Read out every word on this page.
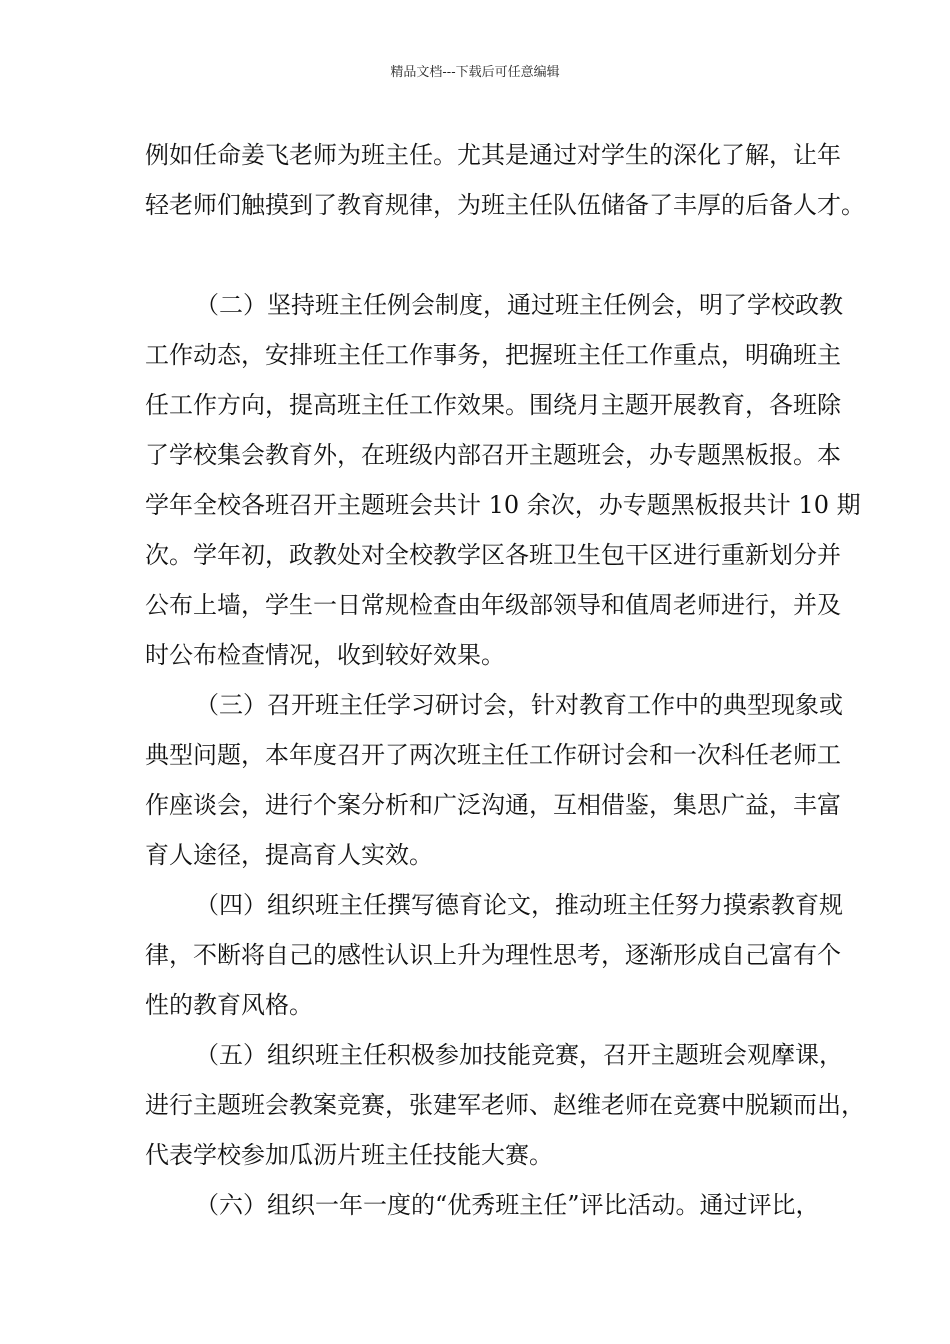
精品文档---下载后可任意编辑
例如任命姜飞老师为班主任。尤其是通过对学生的深化了解，让年
轻老师们触摸到了教育规律，为班主任队伍储备了丰厚的后备人才。
（二）坚持班主任例会制度，通过班主任例会，明了学校政教
工作动态，安排班主任工作事务，把握班主任工作重点，明确班主
任工作方向，提高班主任工作效果。围绕月主题开展教育，各班除
了学校集会教育外，在班级内部召开主题班会，办专题黑板报。本
学年全校各班召开主题班会共计 10 余次，办专题黑板报共计 10 期
次。学年初，政教处对全校教学区各班卫生包干区进行重新划分并
公布上墙，学生一日常规检查由年级部领导和值周老师进行，并及
时公布检查情况，收到较好效果。
（三）召开班主任学习研讨会，针对教育工作中的典型现象或
典型问题，本年度召开了两次班主任工作研讨会和一次科任老师工
作座谈会，进行个案分析和广泛沟通，互相借鉴，集思广益，丰富
育人途径，提高育人实效。
（四）组织班主任撰写德育论文，推动班主任努力摸索教育规
律，不断将自己的感性认识上升为理性思考，逐渐形成自己富有个
性的教育风格。
（五）组织班主任积极参加技能竞赛，召开主题班会观摩课，
进行主题班会教案竞赛，张建军老师、赵维老师在竞赛中脱颖而出，
代表学校参加瓜沥片班主任技能大赛。
（六）组织一年一度的“优秀班主任”评比活动。通过评比，
